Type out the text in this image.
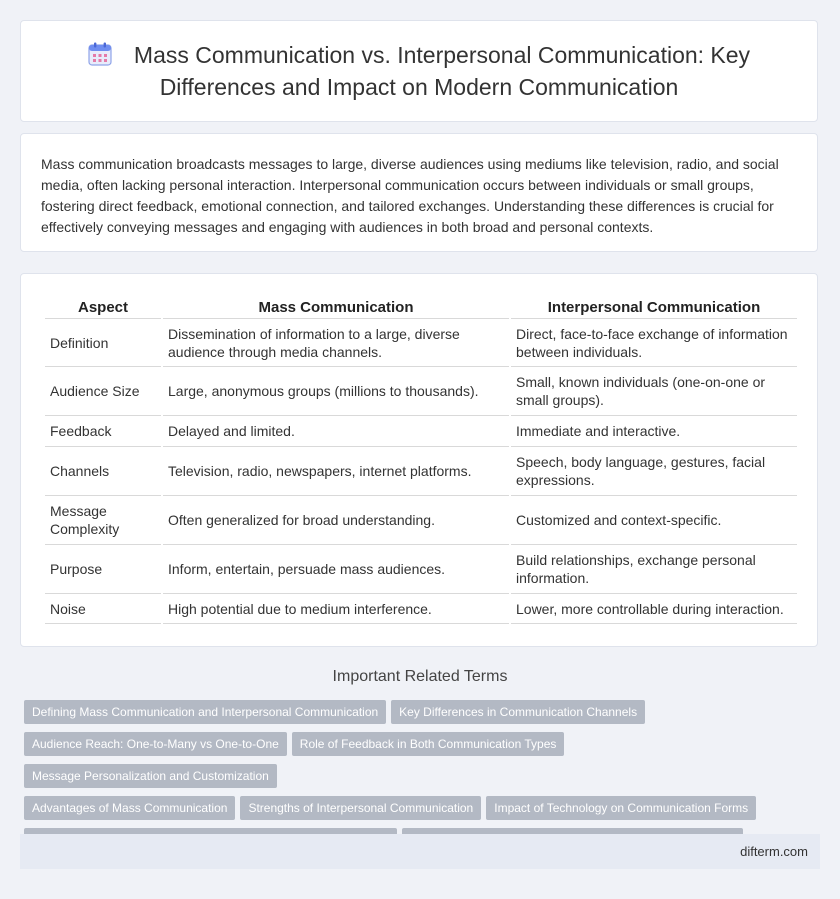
Mass Communication vs. Interpersonal Communication: Key Differences and Impact on Modern Communication

Mass communication broadcasts messages to large, diverse audiences using mediums like television, radio, and social media, often lacking personal interaction. Interpersonal communication occurs between individuals or small groups, fostering direct feedback, emotional connection, and tailored exchanges. Understanding these differences is crucial for effectively conveying messages and engaging with audiences in both broad and personal contexts.

Aspect	Mass Communication	Interpersonal Communication
Definition	Dissemination of information to a large, diverse audience through media channels.	Direct, face-to-face exchange of information between individuals.
Audience Size	Large, anonymous groups (millions to thousands).	Small, known individuals (one-on-one or small groups).
Feedback	Delayed and limited.	Immediate and interactive.
Channels	Television, radio, newspapers, internet platforms.	Speech, body language, gestures, facial expressions.
Message Complexity	Often generalized for broad understanding.	Customized and context-specific.
Purpose	Inform, entertain, persuade mass audiences.	Build relationships, exchange personal information.
Noise	High potential due to medium interference.	Lower, more controllable during interaction.
Important Related Terms
Defining Mass Communication and Interpersonal Communication Key Differences in Communication Channels
Audience Reach: One-to-Many vs One-to-One Role of Feedback in Both Communication TypesMessage Personalization and Customization
Advantages of Mass Communication Strengths of Interpersonal Communication Impact of Technology on Communication Forms

difterm.com
